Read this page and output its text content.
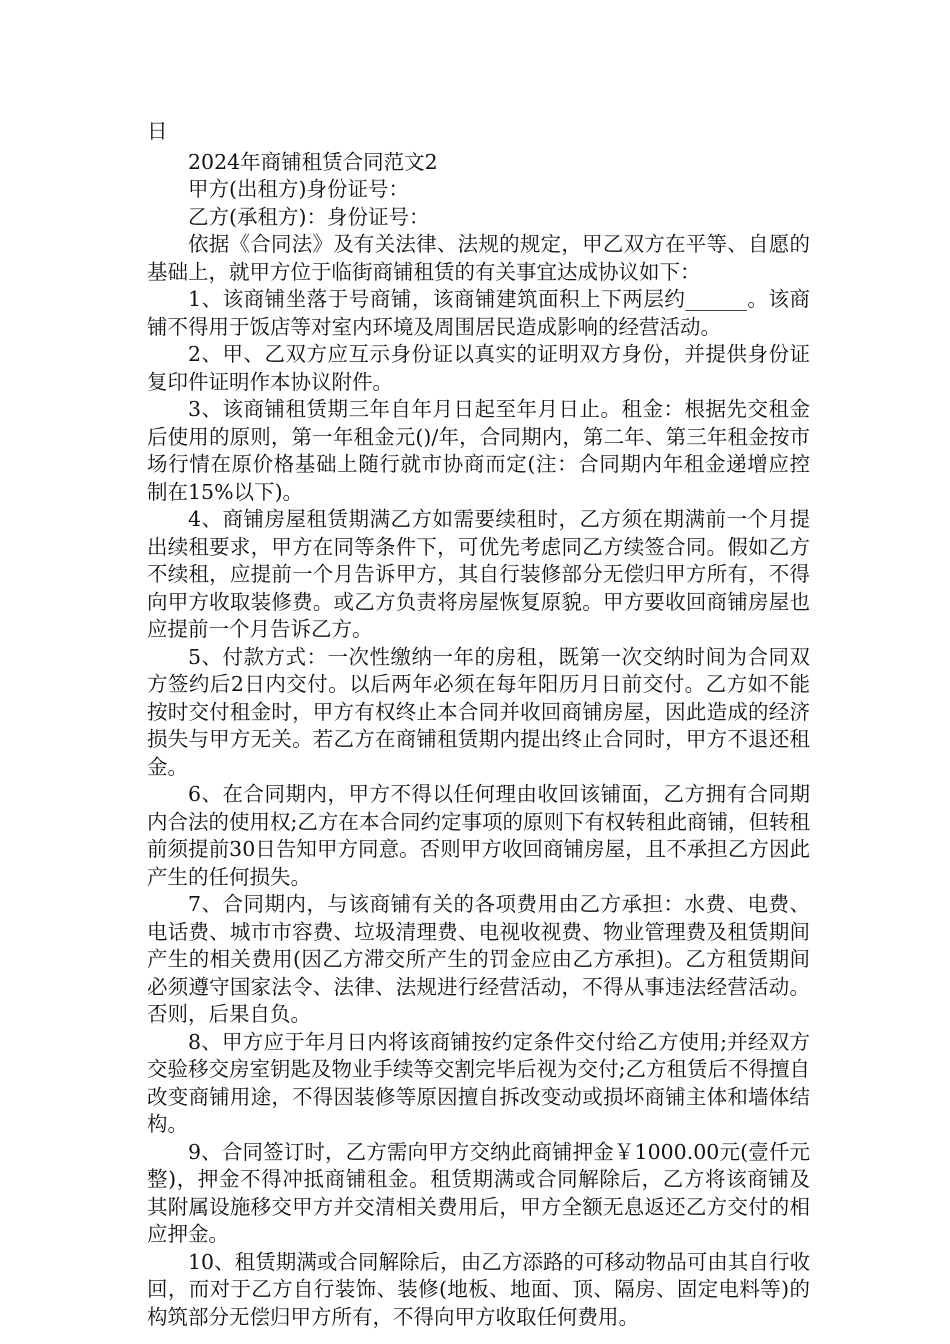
日

2024年商铺租赁合同范文2

甲方(出租方)身份证号：

乙方(承租方)：身份证号：

依据《合同法》及有关法律、法规的规定，甲乙双方在平等、自愿的基础上，就甲方位于临街商铺租赁的有关事宜达成协议如下：

1、该商铺坐落于号商铺，该商铺建筑面积上下两层约______。该商铺不得用于饭店等对室内环境及周围居民造成影响的经营活动。

2、甲、乙双方应互示身份证以真实的证明双方身份，并提供身份证复印件证明作本协议附件。

3、该商铺租赁期三年自年月日起至年月日止。租金：根据先交租金后使用的原则，第一年租金元()/年，合同期内，第二年、第三年租金按市场行情在原价格基础上随行就市协商而定(注：合同期内年租金递增应控制在15%以下)。

4、商铺房屋租赁期满乙方如需要续租时，乙方须在期满前一个月提出续租要求，甲方在同等条件下，可优先考虑同乙方续签合同。假如乙方不续租，应提前一个月告诉甲方，其自行装修部分无偿归甲方所有，不得向甲方收取装修费。或乙方负责将房屋恢复原貌。甲方要收回商铺房屋也应提前一个月告诉乙方。

5、付款方式：一次性缴纳一年的房租，既第一次交纳时间为合同双方签约后2日内交付。以后两年必须在每年阳历月日前交付。乙方如不能按时交付租金时，甲方有权终止本合同并收回商铺房屋，因此造成的经济损失与甲方无关。若乙方在商铺租赁期内提出终止合同时，甲方不退还租金。

6、在合同期内，甲方不得以任何理由收回该铺面，乙方拥有合同期内合法的使用权;乙方在本合同约定事项的原则下有权转租此商铺，但转租前须提前30日告知甲方同意。否则甲方收回商铺房屋，且不承担乙方因此产生的任何损失。

7、合同期内，与该商铺有关的各项费用由乙方承担：水费、电费、电话费、城市市容费、垃圾清理费、电视收视费、物业管理费及租赁期间产生的相关费用(因乙方滞交所产生的罚金应由乙方承担)。乙方租赁期间必须遵守国家法令、法律、法规进行经营活动，不得从事违法经营活动。否则，后果自负。

8、甲方应于年月日内将该商铺按约定条件交付给乙方使用;并经双方交验移交房室钥匙及物业手续等交割完毕后视为交付;乙方租赁后不得擅自改变商铺用途，不得因装修等原因擅自拆改变动或损坏商铺主体和墙体结构。

9、合同签订时，乙方需向甲方交纳此商铺押金￥1000.00元(壹仟元整)，押金不得冲抵商铺租金。租赁期满或合同解除后，乙方将该商铺及其附属设施移交甲方并交清相关费用后，甲方全额无息返还乙方交付的相应押金。

10、租赁期满或合同解除后，由乙方添路的可移动物品可由其自行收回，而对于乙方自行装饰、装修(地板、地面、顶、隔房、固定电料等)的构筑部分无偿归甲方所有，不得向甲方收取任何费用。
